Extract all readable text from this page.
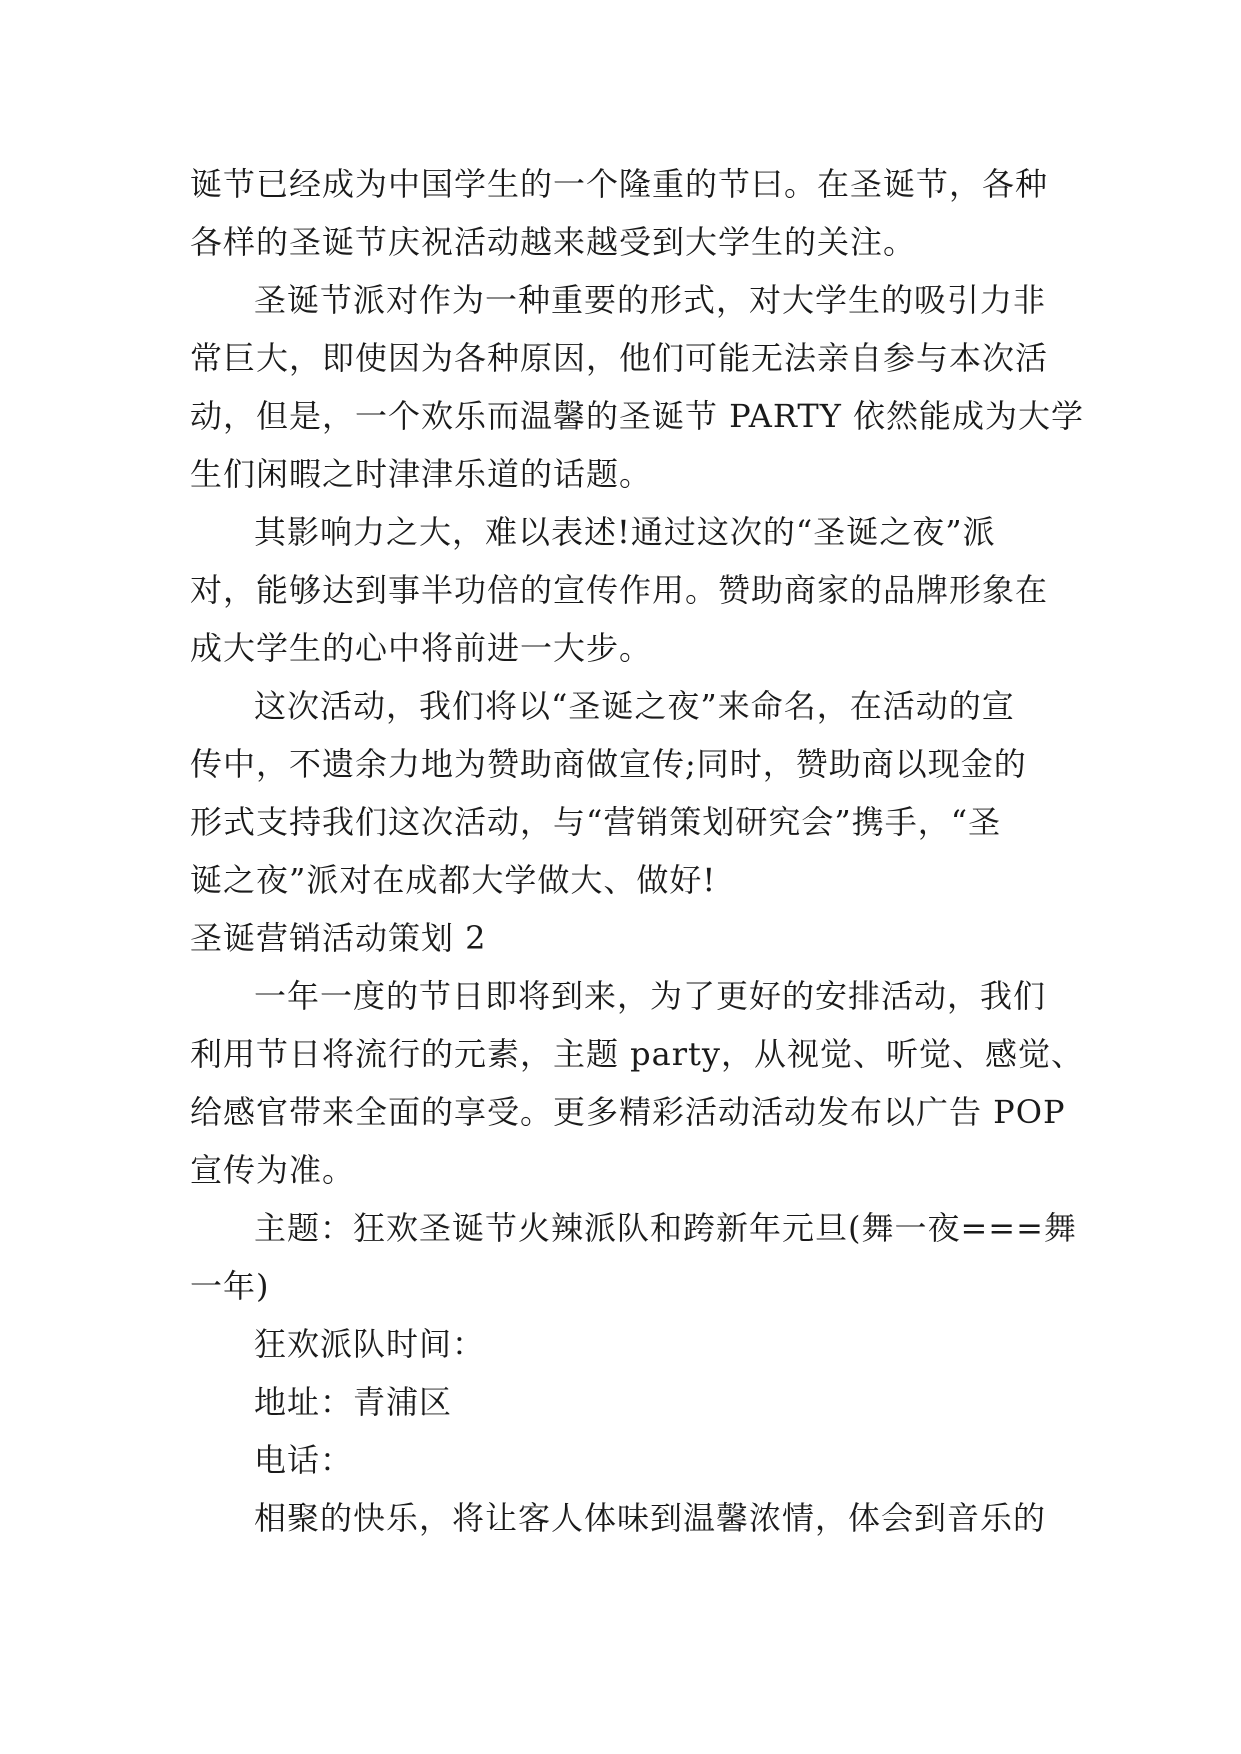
诞节已经成为中国学生的一个隆重的节曰。在圣诞节，各种
各样的圣诞节庆祝活动越来越受到大学生的关注。
圣诞节派对作为一种重要的形式，对大学生的吸引力非
常巨大，即使因为各种原因，他们可能无法亲自参与本次活
动，但是，一个欢乐而温馨的圣诞节 PARTY 依然能成为大学
生们闲暇之时津津乐道的话题。
其影响力之大，难以表述!通过这次的“圣诞之夜”派
对，能够达到事半功倍的宣传作用。赞助商家的品牌形象在
成大学生的心中将前进一大步。
这次活动，我们将以“圣诞之夜”来命名，在活动的宣
传中，不遗余力地为赞助商做宣传;同时，赞助商以现金的
形式支持我们这次活动，与“营销策划研究会”携手，“圣
诞之夜”派对在成都大学做大、做好!
圣诞营销活动策划 2
一年一度的节日即将到来，为了更好的安排活动，我们
利用节日将流行的元素，主题 party，从视觉、听觉、感觉、
给感官带来全面的享受。更多精彩活动活动发布以广告 POP
宣传为准。
主题：狂欢圣诞节火辣派队和跨新年元旦(舞一夜===舞
一年)
狂欢派队时间：
地址：青浦区
电话：
相聚的快乐，将让客人体味到温馨浓情，体会到音乐的
